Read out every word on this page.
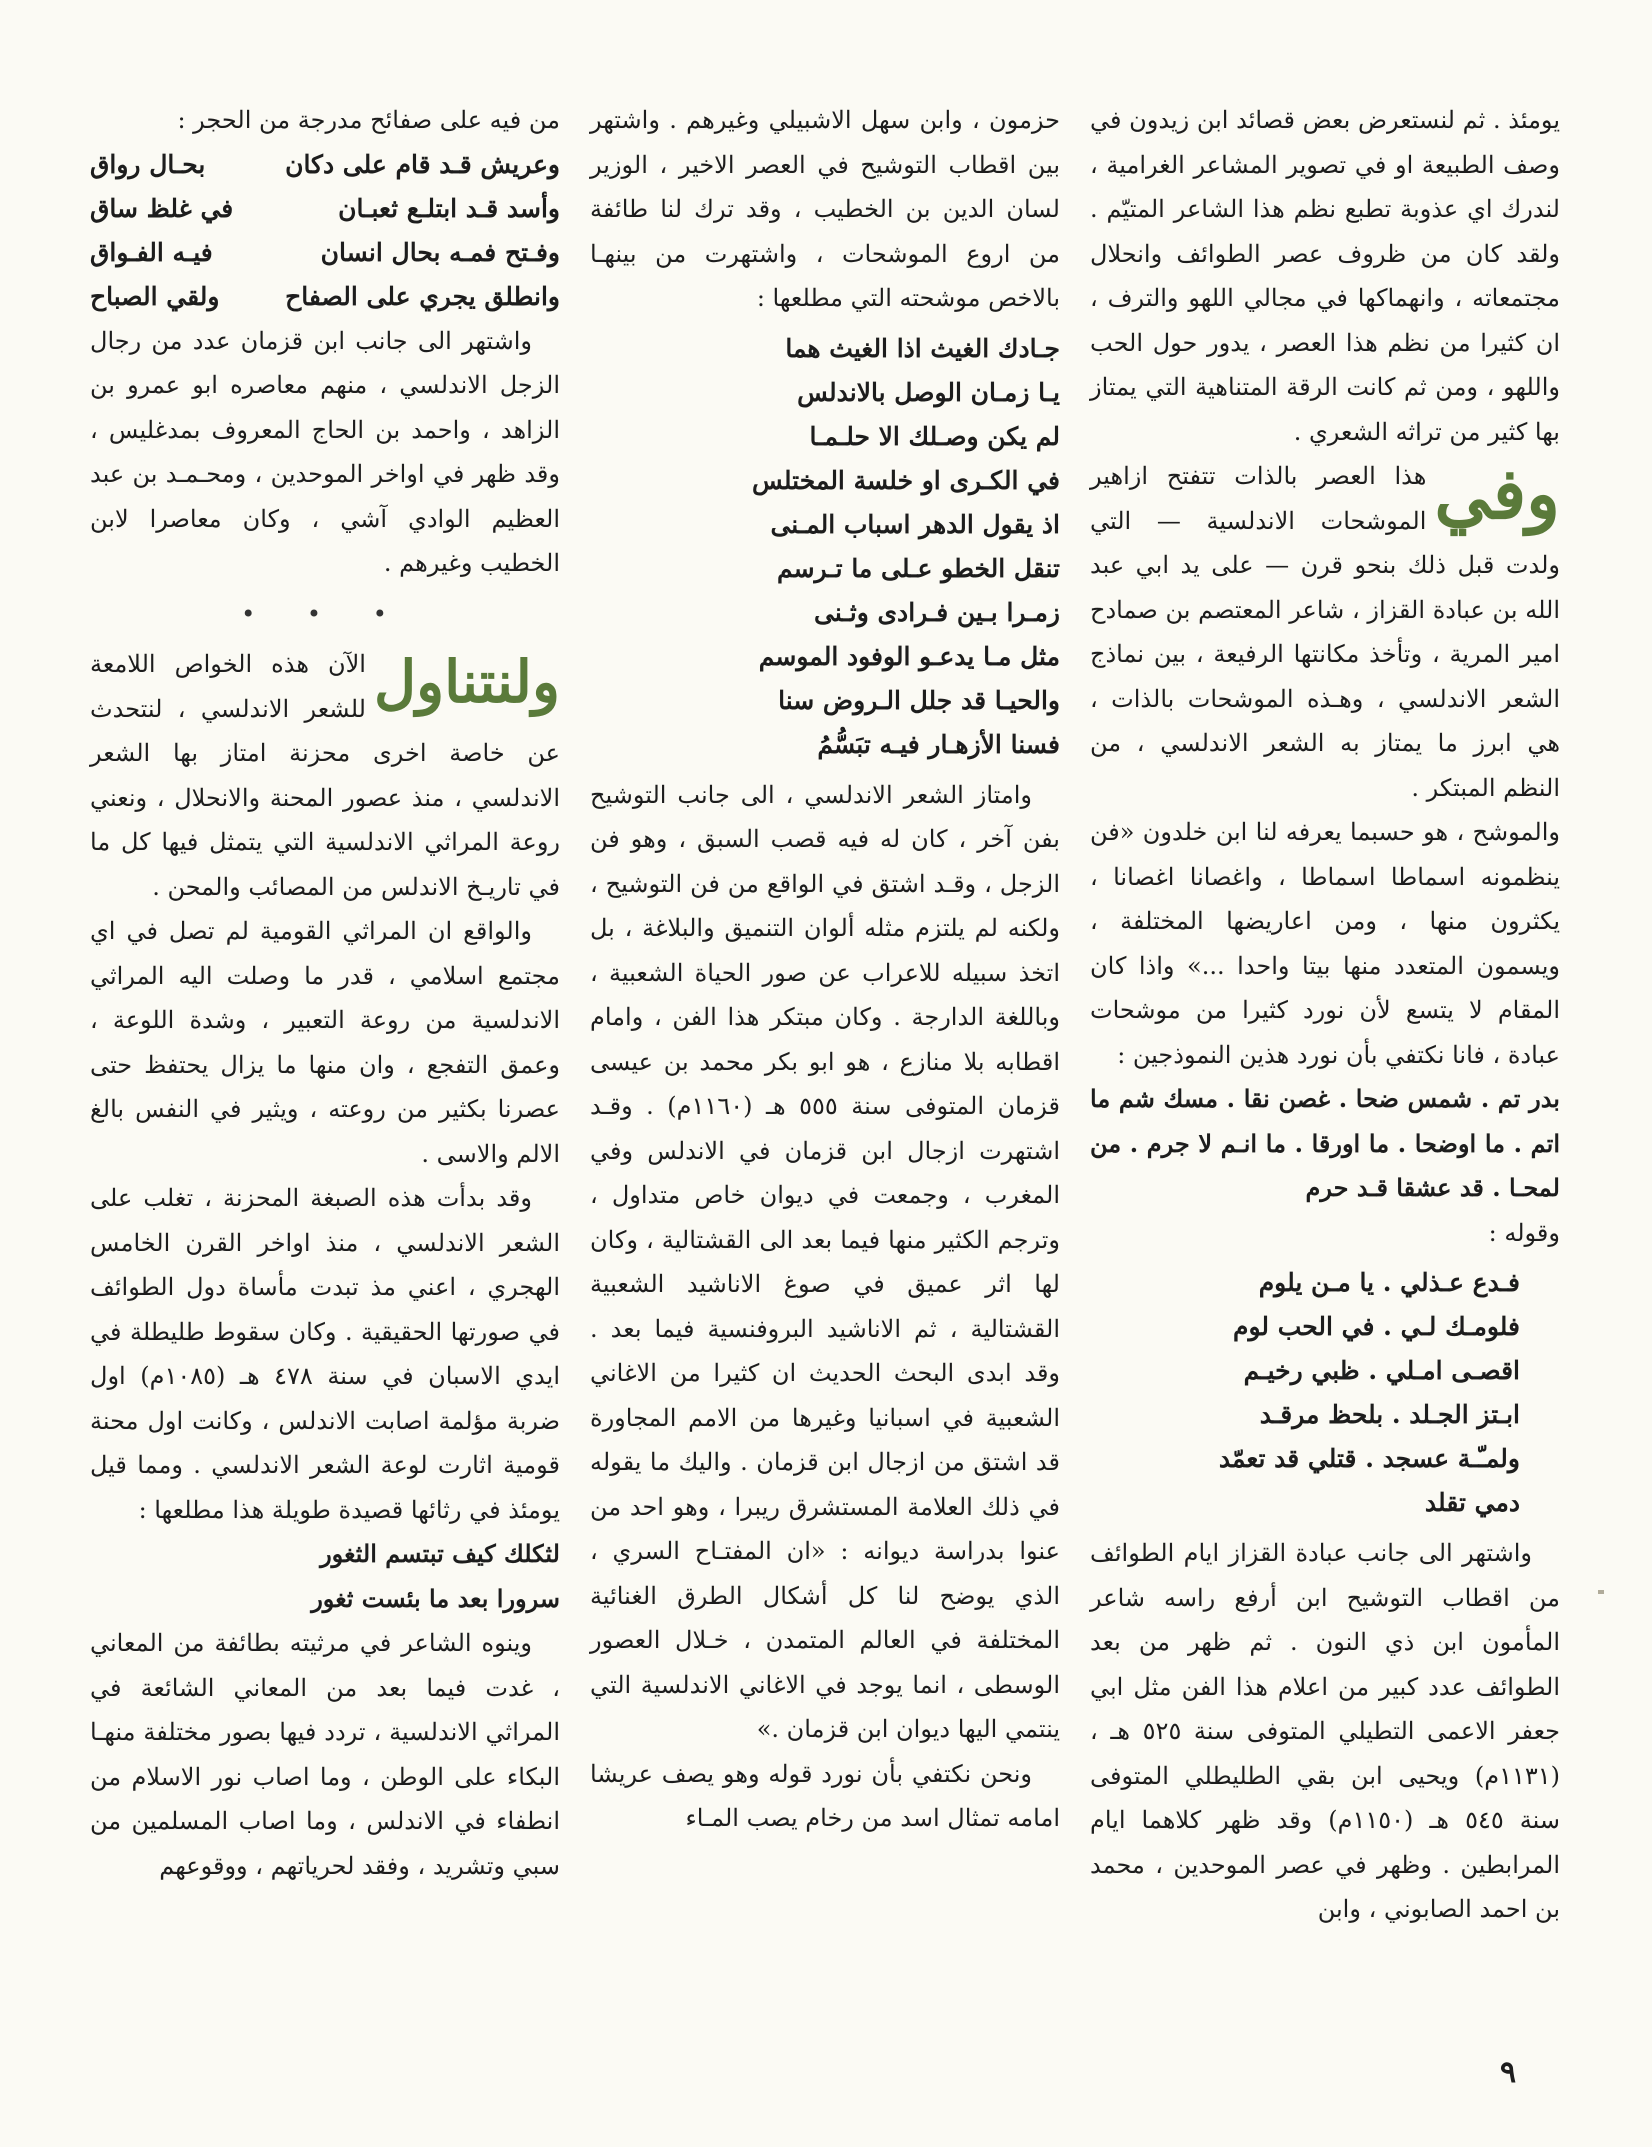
يومئذ . ثم لنستعرض بعض قصائد ابن زيدون في وصف الطبيعة او في تصوير المشاعر الغرامية ، لندرك اي عذوبة تطبع نظم هذا الشاعر المتيّم . ولقد كان من ظروف عصر الطوائف وانحلال مجتمعاته ، وانهماكها في مجالي اللهو والترف ، ان كثيرا من نظم هذا العصر ، يدور حول الحب واللهو ، ومن ثم كانت الرقة المتناهية التي يمتاز بها كثير من تراثه الشعري .

وفي
هذا العصر بالذات تتفتح ازاهير الموشحات الاندلسية — التي ولدت قبل ذلك بنحو قرن — على يد ابي عبد الله بن عبادة القزاز ، شاعر المعتصم بن صمادح امير المرية ، وتأخذ مكانتها الرفيعة ، بين نماذج الشعر الاندلسي ، وهـذه الموشحات بالذات ، هي ابرز ما يمتاز به الشعر الاندلسي ، من النظم المبتكر .

والموشح ، هو حسبما يعرفه لنا ابن خلدون «فن ينظمونه اسماطا اسماطا ، واغصانا اغصانا ، يكثرون منها ، ومن اعاريضها المختلفة ، ويسمون المتعدد منها بيتا واحدا ...» واذا كان المقام لا يتسع لأن نورد كثيرا من موشحات عبادة ، فانا نكتفي بأن نورد هذين النموذجين :

بدر تم . شمس ضحا . غصن نقا . مسك شم ما اتم . ما اوضحا . ما اورقا . ما انـم لا جرم . من لمحـا . قد عشقا قـد حرم

وقوله :

فـدع عـذلي . يا مـن يلوم
فلومـك لـي . في الحب لوم
اقصـى امـلي . ظبي رخيـم
ابـتز الجـلد . بلحظ مرقـد
ولمـّـة عسجد . قتلي قد تعمّد
دمي تقلد

واشتهر الى جانب عبادة القزاز ايام الطوائف من اقطاب التوشيح ابن أرفع راسه شاعر المأمون ابن ذي النون . ثم ظهر من بعد الطوائف عدد كبير من اعلام هذا الفن مثل ابي جعفر الاعمى التطيلي المتوفى سنة ٥٢٥ هـ ، (١١٣١م) ويحيى ابن بقي الطليطلي المتوفى سنة ٥٤٥ هـ (١١٥٠م) وقد ظهر كلاهما ايام المرابطين . وظهر في عصر الموحدين ، محمد بن احمد الصابوني ، وابن

حزمون ، وابن سهل الاشبيلي وغيرهم . واشتهر بين اقطاب التوشيح في العصر الاخير ، الوزير لسان الدين بن الخطيب ، وقد ترك لنا طائفة من اروع الموشحات ، واشتهرت من بينهـا بالاخص موشحته التي مطلعها :

جـادك الغيث اذا الغيث هما
يـا زمـان الوصل بالاندلس
لم يكن وصـلك الا حلـمـا
في الكـرى او خلسة المختلس
اذ يقول الدهر اسباب المـنى
تنقل الخطو عـلى ما تـرسم
زمـرا بـين فـرادى وثـنى
مثل مـا يدعـو الوفود الموسم
والحيـا قد جلل الـروض سنا
فسنا الأزهـار فيـه تبَسُّمُ

وامتاز الشعر الاندلسي ، الى جانب التوشيح بفن آخر ، كان له فيه قصب السبق ، وهو فن الزجل ، وقـد اشتق في الواقع من فن التوشيح ، ولكنه لم يلتزم مثله ألوان التنميق والبلاغة ، بل اتخذ سبيله للاعراب عن صور الحياة الشعبية ، وباللغة الدارجة . وكان مبتكر هذا الفن ، وامام اقطابه بلا منازع ، هو ابو بكر محمد بن عيسى قزمان المتوفى سنة ٥٥٥ هـ (١١٦٠م) . وقـد اشتهرت ازجال ابن قزمان في الاندلس وفي المغرب ، وجمعت في ديوان خاص متداول ، وترجم الكثير منها فيما بعد الى القشتالية ، وكان لها اثر عميق في صوغ الاناشيد الشعبية القشتالية ، ثم الاناشيد البروفنسية فيما بعد . وقد ابدى البحث الحديث ان كثيرا من الاغاني الشعبية في اسبانيا وغيرها من الامم المجاورة قد اشتق من ازجال ابن قزمان . واليك ما يقوله في ذلك العلامة المستشرق ريبرا ، وهو احد من عنوا بدراسة ديوانه : «ان المفتـاح السري ، الذي يوضح لنا كل أشكال الطرق الغنائية المختلفة في العالم المتمدن ، خـلال العصور الوسطى ، انما يوجد في الاغاني الاندلسية التي ينتمي اليها ديوان ابن قزمان .»

ونحن نكتفي بأن نورد قوله وهو يصف عريشا امامه تمثال اسد من رخام يصب المـاء

من فيه على صفائح مدرجة من الحجر :

وعريش قـد قام على دكان
بحـال رواق
وأسد قـد ابتلـع ثعبـان
في غلظ ساق
وفـتح فمـه بحال انسان
فيـه الفـواق
وانطلق يجري على الصفاح
ولقي الصباح

واشتهر الى جانب ابن قزمان عدد من رجال الزجل الاندلسي ، منهم معاصره ابو عمرو بن الزاهد ، واحمد بن الحاج المعروف بمدغليس ، وقد ظهر في اواخر الموحدين ، ومحـمـد بن عبد العظيم الوادي آشي ، وكان معاصرا لابن الخطيب وغيرهم .

• • •

ولنتناول
الآن هذه الخواص اللامعة للشعر الاندلسي ، لنتحدث عن خاصة اخرى محزنة امتاز بها الشعر الاندلسي ، منذ عصور المحنة والانحلال ، ونعني روعة المراثي الاندلسية التي يتمثل فيها كل ما في تاريـخ الاندلس من المصائب والمحن .

والواقع ان المراثي القومية لم تصل في اي مجتمع اسلامي ، قدر ما وصلت اليه المراثي الاندلسية من روعة التعبير ، وشدة اللوعة ، وعمق التفجع ، وان منها ما يزال يحتفظ حتى عصرنا بكثير من روعته ، ويثير في النفس بالغ الالم والاسى .

وقد بدأت هذه الصبغة المحزنة ، تغلب على الشعر الاندلسي ، منذ اواخر القرن الخامس الهجري ، اعني مذ تبدت مأساة دول الطوائف في صورتها الحقيقية . وكان سقوط طليطلة في ايدي الاسبان في سنة ٤٧٨ هـ (١٠٨٥م) اول ضربة مؤلمة اصابت الاندلس ، وكانت اول محنة قومية اثارت لوعة الشعر الاندلسي . ومما قيل يومئذ في رثائها قصيدة طويلة هذا مطلعها :

لثكلك كيف تبتسم الثغور

سرورا بعد ما بئست ثغور

وينوه الشاعر في مرثيته بطائفة من المعاني ، غدت فيما بعد من المعاني الشائعة في المراثي الاندلسية ، تردد فيها بصور مختلفة منهـا البكاء على الوطن ، وما اصاب نور الاسلام من انطفاء في الاندلس ، وما اصاب المسلمين من سبي وتشريد ، وفقد لحرياتهم ، ووقوعهم

٩
